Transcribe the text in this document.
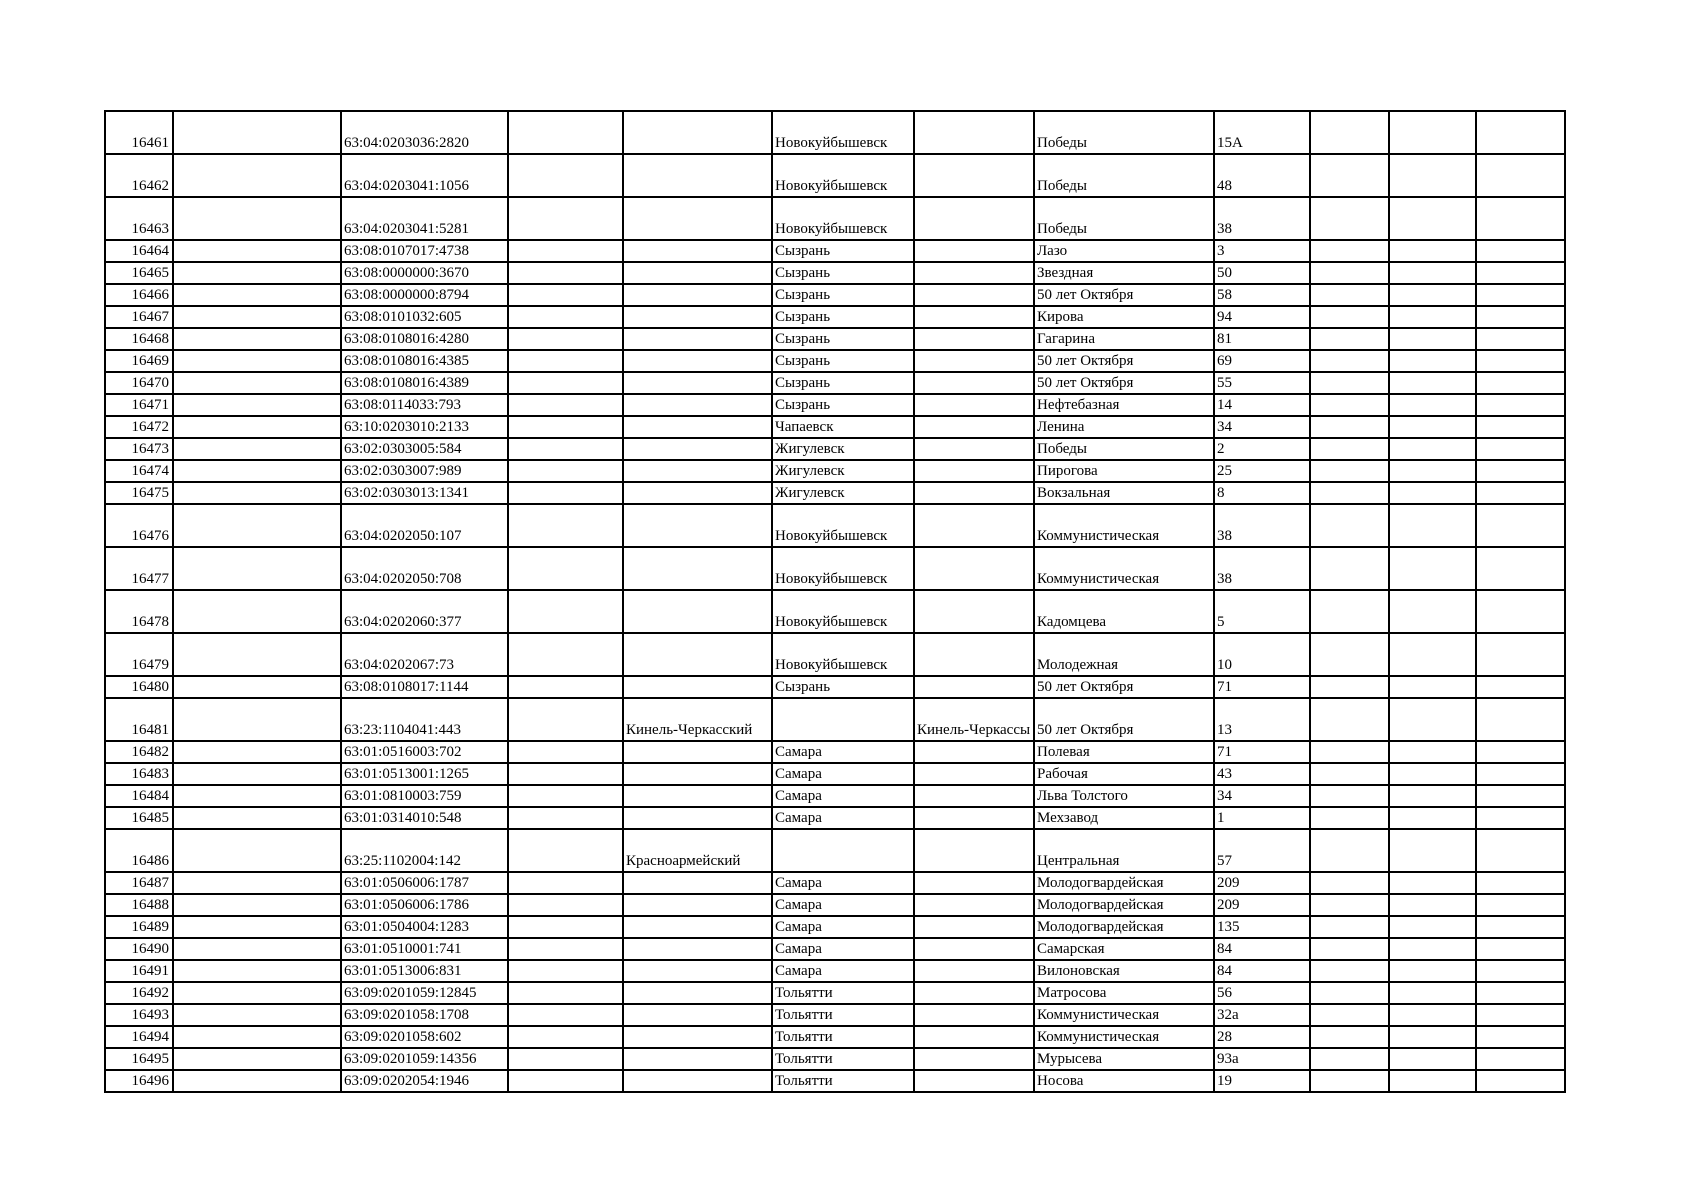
16461		63:04:0203036:2820			Новокуйбышевск		Победы	15А			
16462		63:04:0203041:1056			Новокуйбышевск		Победы	48			
16463		63:04:0203041:5281			Новокуйбышевск		Победы	38			
16464		63:08:0107017:4738			Сызрань		Лазо	3			
16465		63:08:0000000:3670			Сызрань		Звездная	50			
16466		63:08:0000000:8794			Сызрань		50 лет Октября	58			
16467		63:08:0101032:605			Сызрань		Кирова	94			
16468		63:08:0108016:4280			Сызрань		Гагарина	81			
16469		63:08:0108016:4385			Сызрань		50 лет Октября	69			
16470		63:08:0108016:4389			Сызрань		50 лет Октября	55			
16471		63:08:0114033:793			Сызрань		Нефтебазная	14			
16472		63:10:0203010:2133			Чапаевск		Ленина	34			
16473		63:02:0303005:584			Жигулевск		Победы	2			
16474		63:02:0303007:989			Жигулевск		Пирогова	25			
16475		63:02:0303013:1341			Жигулевск		Вокзальная	8			
16476		63:04:0202050:107			Новокуйбышевск		Коммунистическая	38			
16477		63:04:0202050:708			Новокуйбышевск		Коммунистическая	38			
16478		63:04:0202060:377			Новокуйбышевск		Кадомцева	5			
16479		63:04:0202067:73			Новокуйбышевск		Молодежная	10			
16480		63:08:0108017:1144			Сызрань		50 лет Октября	71			
16481		63:23:1104041:443		Кинель-Черкасский		Кинель-Черкассы	50 лет Октября	13			
16482		63:01:0516003:702			Самара		Полевая	71			
16483		63:01:0513001:1265			Самара		Рабочая	43			
16484		63:01:0810003:759			Самара		Льва Толстого	34			
16485		63:01:0314010:548			Самара		Мехзавод	1			
16486		63:25:1102004:142		Красноармейский			Центральная	57			
16487		63:01:0506006:1787			Самара		Молодогвардейская	209			
16488		63:01:0506006:1786			Самара		Молодогвардейская	209			
16489		63:01:0504004:1283			Самара		Молодогвардейская	135			
16490		63:01:0510001:741			Самара		Самарская	84			
16491		63:01:0513006:831			Самара		Вилоновская	84			
16492		63:09:0201059:12845			Тольятти		Матросова	56			
16493		63:09:0201058:1708			Тольятти		Коммунистическая	32а			
16494		63:09:0201058:602			Тольятти		Коммунистическая	28			
16495		63:09:0201059:14356			Тольятти		Мурысева	93а			
16496		63:09:0202054:1946			Тольятти		Носова	19			
